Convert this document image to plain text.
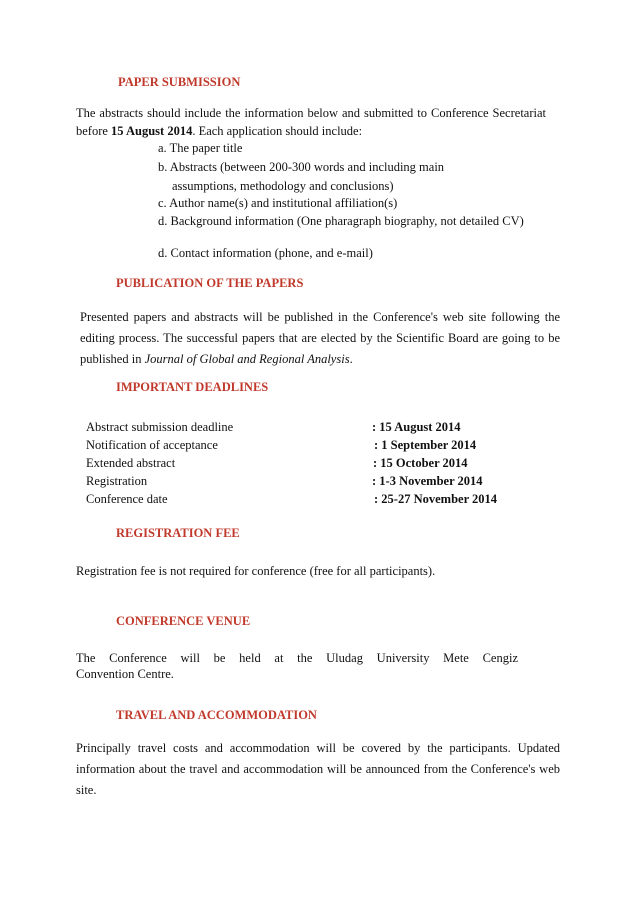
PAPER SUBMISSION
The abstracts should include the information below and submitted to Conference Secretariat before 15 August 2014. Each application should include:
a. The paper title
b. Abstracts (between 200-300 words and including main
assumptions, methodology and conclusions)
c. Author name(s) and institutional affiliation(s)
d. Background information (One pharagraph biography, not detailed CV)
d. Contact information (phone, and e-mail)
PUBLICATION OF THE PAPERS
Presented papers and abstracts will be published in the Conference's web site following the editing process. The successful papers that are elected by the Scientific Board are going to be published in Journal of Global and Regional Analysis.
IMPORTANT DEADLINES
Abstract submission deadline	: 15 August 2014
Notification of acceptance	: 1 September 2014
Extended abstract	: 15 October 2014
Registration	: 1-3 November 2014
Conference date	: 25-27 November 2014
REGISTRATION FEE
Registration fee is not required for conference (free for all participants).
CONFERENCE VENUE
The Conference will be held at the Uludag University Mete Cengiz
Convention Centre.
TRAVEL AND ACCOMMODATION
Principally travel costs and accommodation will be covered by the participants. Updated information about the travel and accommodation will be announced from the Conference's web site.
